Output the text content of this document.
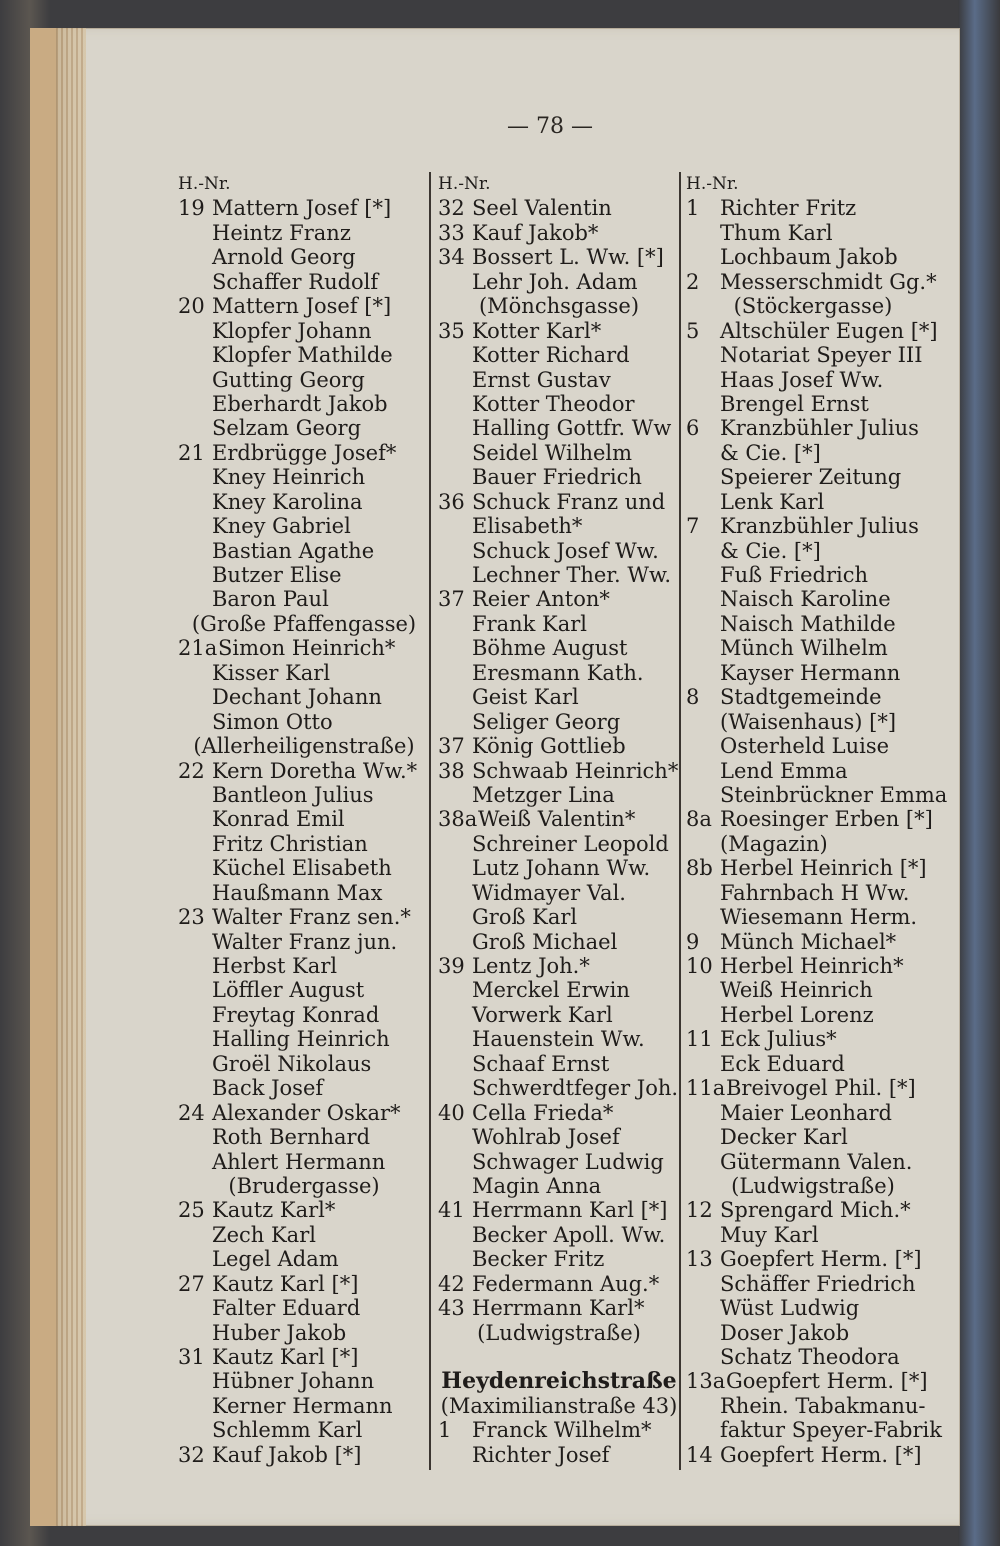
— 78 —
H.-Nr.
19 Mattern Josef [*]
Heintz Franz
Arnold Georg
Schaffer Rudolf
20 Mattern Josef [*]
Klopfer Johann
Klopfer Mathilde
Gutting Georg
Eberhardt Jakob
Selzam Georg
21 Erdbrügge Josef*
Kney Heinrich
Kney Karolina
Kney Gabriel
Bastian Agathe
Butzer Elise
Baron Paul
(Große Pfaffengasse)
21a Simon Heinrich*
Kisser Karl
Dechant Johann
Simon Otto
(Allerheiligenstraße)
22 Kern Doretha Ww.*
Bantleon Julius
Konrad Emil
Fritz Christian
Küchel Elisabeth
Haußmann Max
23 Walter Franz sen.*
Walter Franz jun.
Herbst Karl
Löffler August
Freytag Konrad
Halling Heinrich
Groël Nikolaus
Back Josef
24 Alexander Oskar*
Roth Bernhard
Ahlert Hermann
(Brudergasse)
25 Kautz Karl*
Zech Karl
Legel Adam
27 Kautz Karl [*]
Falter Eduard
Huber Jakob
31 Kautz Karl [*]
Hübner Johann
Kerner Hermann
Schlemm Karl
32 Kauf Jakob [*]
H.-Nr.
32 Seel Valentin
33 Kauf Jakob*
34 Bossert L. Ww. [*]
Lehr Joh. Adam
(Mönchsgasse)
35 Kotter Karl*
Kotter Richard
Ernst Gustav
Kotter Theodor
Halling Gottfr. Ww
Seidel Wilhelm
Bauer Friedrich
36 Schuck Franz und
Elisabeth*
Schuck Josef Ww.
Lechner Ther. Ww.
37 Reier Anton*
Frank Karl
Böhme August
Eresmann Kath.
Geist Karl
Seliger Georg
37 König Gottlieb
38 Schwaab Heinrich*
Metzger Lina
38a Weiß Valentin*
Schreiner Leopold
Lutz Johann Ww.
Widmayer Val.
Groß Karl
Groß Michael
39 Lentz Joh.*
Merckel Erwin
Vorwerk Karl
Hauenstein Ww.
Schaaf Ernst
Schwerdtfeger Joh.
40 Cella Frieda*
Wohlrab Josef
Schwager Ludwig
Magin Anna
41 Herrmann Karl [*]
Becker Apoll. Ww.
Becker Fritz
42 Federmann Aug.*
43 Herrmann Karl*
(Ludwigstraße)
Heydenreichstraße
(Maximilianstraße 43)
1 Franck Wilhelm*
Richter Josef
H.-Nr.
1 Richter Fritz
Thum Karl
Lochbaum Jakob
2 Messerschmidt Gg.*
(Stöckergasse)
5 Altschüler Eugen [*]
Notariat Speyer III
Haas Josef Ww.
Brengel Ernst
6 Kranzbühler Julius
& Cie. [*]
Speierer Zeitung
Lenk Karl
7 Kranzbühler Julius
& Cie. [*]
Fuß Friedrich
Naisch Karoline
Naisch Mathilde
Münch Wilhelm
Kayser Hermann
8 Stadtgemeinde
(Waisenhaus) [*]
Osterheld Luise
Lend Emma
Steinbrückner Emma
8a Roesinger Erben [*]
(Magazin)
8b Herbel Heinrich [*]
Fahrnbach H Ww.
Wiesemann Herm.
9 Münch Michael*
10 Herbel Heinrich*
Weiß Heinrich
Herbel Lorenz
11 Eck Julius*
Eck Eduard
11a Breivogel Phil. [*]
Maier Leonhard
Decker Karl
Gütermann Valen.
(Ludwigstraße)
12 Sprengard Mich.*
Muy Karl
13 Goepfert Herm. [*]
Schäffer Friedrich
Wüst Ludwig
Doser Jakob
Schatz Theodora
13a Goepfert Herm. [*]
Rhein. Tabakmanu-
faktur Speyer-Fabrik
14 Goepfert Herm. [*]
